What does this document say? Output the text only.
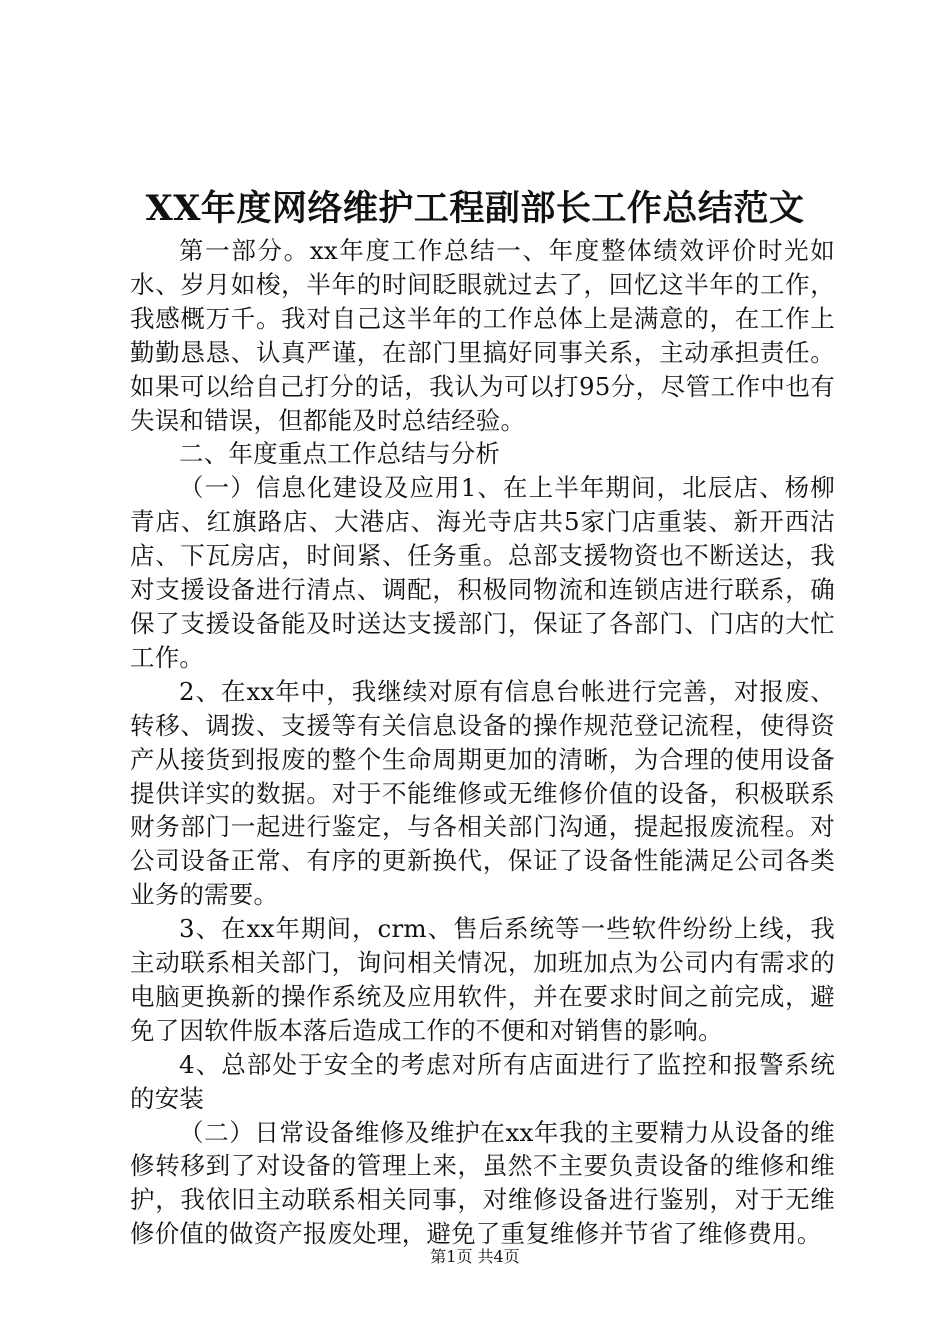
XX年度网络维护工程副部长工作总结范文

第一部分。xx年度工作总结一、年度整体绩效评价时光如水、岁月如梭，半年的时间眨眼就过去了，回忆这半年的工作，我感概万千。我对自己这半年的工作总体上是满意的，在工作上勤勤恳恳、认真严谨，在部门里搞好同事关系，主动承担责任。如果可以给自己打分的话，我认为可以打95分，尽管工作中也有失误和错误，但都能及时总结经验。

二、年度重点工作总结与分析

（一）信息化建设及应用1、在上半年期间，北辰店、杨柳青店、红旗路店、大港店、海光寺店共5家门店重装、新开西沽店、下瓦房店，时间紧、任务重。总部支援物资也不断送达，我对支援设备进行清点、调配，积极同物流和连锁店进行联系，确保了支援设备能及时送达支援部门，保证了各部门、门店的大忙工作。

2、在xx年中，我继续对原有信息台帐进行完善，对报废、转移、调拨、支援等有关信息设备的操作规范登记流程，使得资产从接货到报废的整个生命周期更加的清晰，为合理的使用设备提供详实的数据。对于不能维修或无维修价值的设备，积极联系财务部门一起进行鉴定，与各相关部门沟通，提起报废流程。对公司设备正常、有序的更新换代，保证了设备性能满足公司各类业务的需要。

3、在xx年期间，crm、售后系统等一些软件纷纷上线，我主动联系相关部门，询问相关情况，加班加点为公司内有需求的电脑更换新的操作系统及应用软件，并在要求时间之前完成，避免了因软件版本落后造成工作的不便和对销售的影响。

4、总部处于安全的考虑对所有店面进行了监控和报警系统的安装

（二）日常设备维修及维护在xx年我的主要精力从设备的维修转移到了对设备的管理上来，虽然不主要负责设备的维修和维护，我依旧主动联系相关同事，对维修设备进行鉴别，对于无维修价值的做资产报废处理，避免了重复维修并节省了维修费用。

第1页 共4页
